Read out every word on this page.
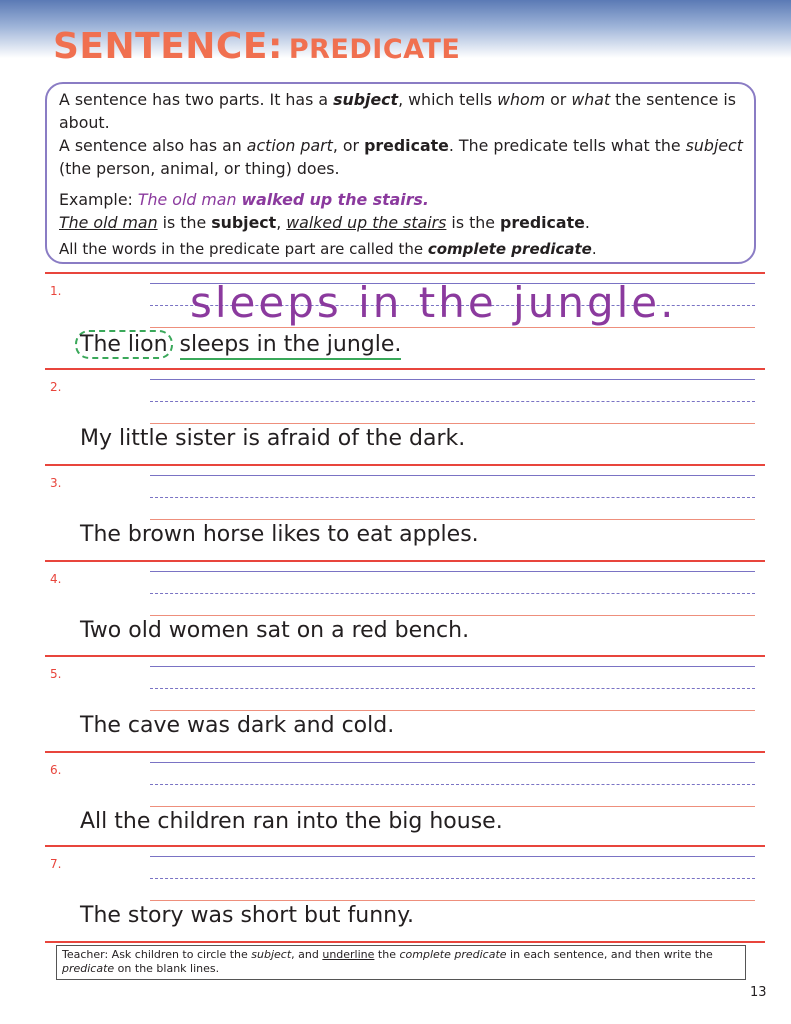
SENTENCE: PREDICATE

A sentence has two parts. It has a subject, which tells whom or what the sentence is about.

A sentence also has an action part, or predicate. The predicate tells what the subject (the person, animal, or thing) does.

Example: The old man walked up the stairs.

The old man is the subject, walked up the stairs is the predicate.

All the words in the predicate part are called the complete predicate.

1.	sleeps in the jungle.
The lion sleeps in the jungle.
2.
My little sister is afraid of the dark.
3.
The brown horse likes to eat apples.
4.
Two old women sat on a red bench.
5.
The cave was dark and cold.
6.
All the children ran into the big house.
7.
The story was short but funny.
Teacher: Ask children to circle the subject, and underline the complete predicate in each sentence, and then write the predicate on the blank lines.
13
